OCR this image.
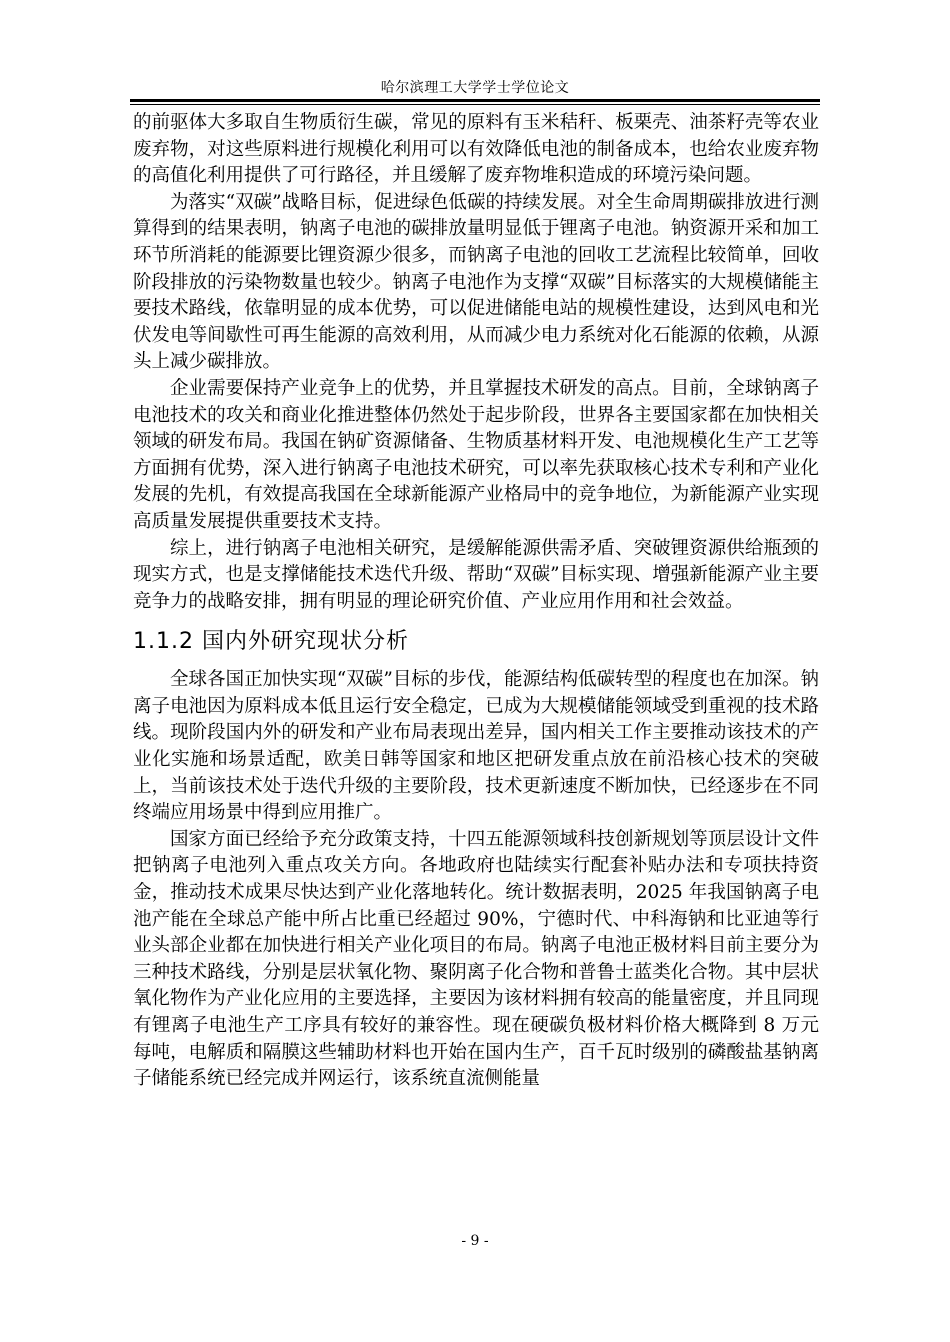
哈尔滨理工大学学士学位论文

的前驱体大多取自生物质衍生碳，常见的原料有玉米秸秆、板栗壳、油茶籽壳等农业废弃物，对这些原料进行规模化利用可以有效降低电池的制备成本，也给农业废弃物的高值化利用提供了可行路径，并且缓解了废弃物堆积造成的环境污染问题。

为落实“双碳”战略目标，促进绿色低碳的持续发展。对全生命周期碳排放进行测算得到的结果表明，钠离子电池的碳排放量明显低于锂离子电池。钠资源开采和加工环节所消耗的能源要比锂资源少很多，而钠离子电池的回收工艺流程比较简单，回收阶段排放的污染物数量也较少。钠离子电池作为支撑“双碳”目标落实的大规模储能主要技术路线，依靠明显的成本优势，可以促进储能电站的规模性建设，达到风电和光伏发电等间歇性可再生能源的高效利用，从而减少电力系统对化石能源的依赖，从源头上减少碳排放。

企业需要保持产业竞争上的优势，并且掌握技术研发的高点。目前，全球钠离子电池技术的攻关和商业化推进整体仍然处于起步阶段，世界各主要国家都在加快相关领域的研发布局。我国在钠矿资源储备、生物质基材料开发、电池规模化生产工艺等方面拥有优势，深入进行钠离子电池技术研究，可以率先获取核心技术专利和产业化发展的先机，有效提高我国在全球新能源产业格局中的竞争地位，为新能源产业实现高质量发展提供重要技术支持。

综上，进行钠离子电池相关研究，是缓解能源供需矛盾、突破锂资源供给瓶颈的现实方式，也是支撑储能技术迭代升级、帮助“双碳”目标实现、增强新能源产业主要竞争力的战略安排，拥有明显的理论研究价值、产业应用作用和社会效益。

1.1.2 国内外研究现状分析

全球各国正加快实现“双碳”目标的步伐，能源结构低碳转型的程度也在加深。钠离子电池因为原料成本低且运行安全稳定，已成为大规模储能领域受到重视的技术路线。现阶段国内外的研发和产业布局表现出差异，国内相关工作主要推动该技术的产业化实施和场景适配，欧美日韩等国家和地区把研发重点放在前沿核心技术的突破上，当前该技术处于迭代升级的主要阶段，技术更新速度不断加快，已经逐步在不同终端应用场景中得到应用推广。

国家方面已经给予充分政策支持，十四五能源领域科技创新规划等顶层设计文件把钠离子电池列入重点攻关方向。各地政府也陆续实行配套补贴办法和专项扶持资金，推动技术成果尽快达到产业化落地转化。统计数据表明，2025 年我国钠离子电池产能在全球总产能中所占比重已经超过 90%，宁德时代、中科海钠和比亚迪等行业头部企业都在加快进行相关产业化项目的布局。钠离子电池正极材料目前主要分为三种技术路线，分别是层状氧化物、聚阴离子化合物和普鲁士蓝类化合物。其中层状氧化物作为产业化应用的主要选择，主要因为该材料拥有较高的能量密度，并且同现有锂离子电池生产工序具有较好的兼容性。现在硬碳负极材料价格大概降到 8 万元每吨，电解质和隔膜这些辅助材料也开始在国内生产，百千瓦时级别的磷酸盐基钠离子储能系统已经完成并网运行，该系统直流侧能量

- 9 -
